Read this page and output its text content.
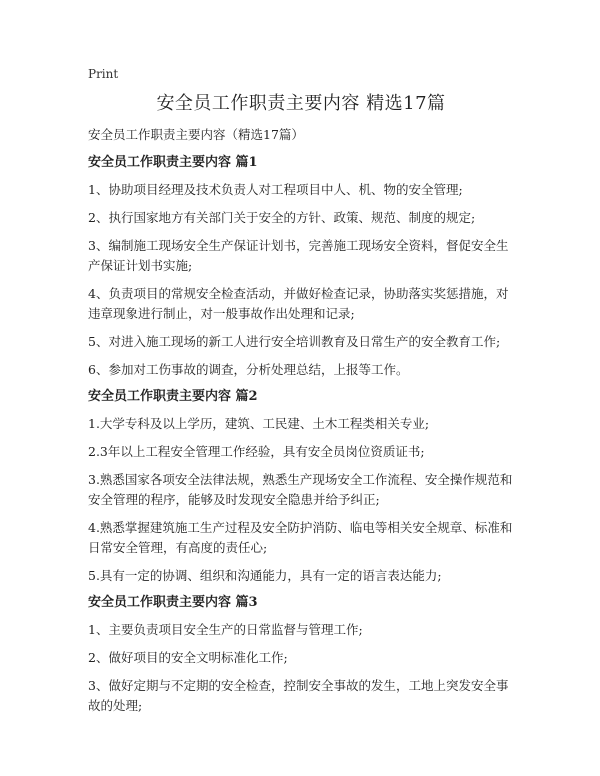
Print
安全员工作职责主要内容 精选17篇

安全员工作职责主要内容（精选17篇）

安全员工作职责主要内容 篇1

1、协助项目经理及技术负责人对工程项目中人、机、物的安全管理;

2、执行国家地方有关部门关于安全的方针、政策、规范、制度的规定;

3、编制施工现场安全生产保证计划书，完善施工现场安全资料，督促安全生产保证计划书实施;

4、负责项目的常规安全检查活动，并做好检查记录，协助落实奖惩措施，对违章现象进行制止，对一般事故作出处理和记录;

5、对进入施工现场的新工人进行安全培训教育及日常生产的安全教育工作;

6、参加对工伤事故的调查，分析处理总结，上报等工作。

安全员工作职责主要内容 篇2

1.大学专科及以上学历，建筑、工民建、土木工程类相关专业;

2.3年以上工程安全管理工作经验，具有安全员岗位资质证书;

3.熟悉国家各项安全法律法规，熟悉生产现场安全工作流程、安全操作规范和安全管理的程序，能够及时发现安全隐患并给予纠正;

4.熟悉掌握建筑施工生产过程及安全防护消防、临电等相关安全规章、标准和日常安全管理，有高度的责任心;

5.具有一定的协调、组织和沟通能力，具有一定的语言表达能力;

安全员工作职责主要内容 篇3

1、主要负责项目安全生产的日常监督与管理工作;

2、做好项目的安全文明标准化工作;

3、做好定期与不定期的安全检查，控制安全事故的发生，工地上突发安全事故的处理;
